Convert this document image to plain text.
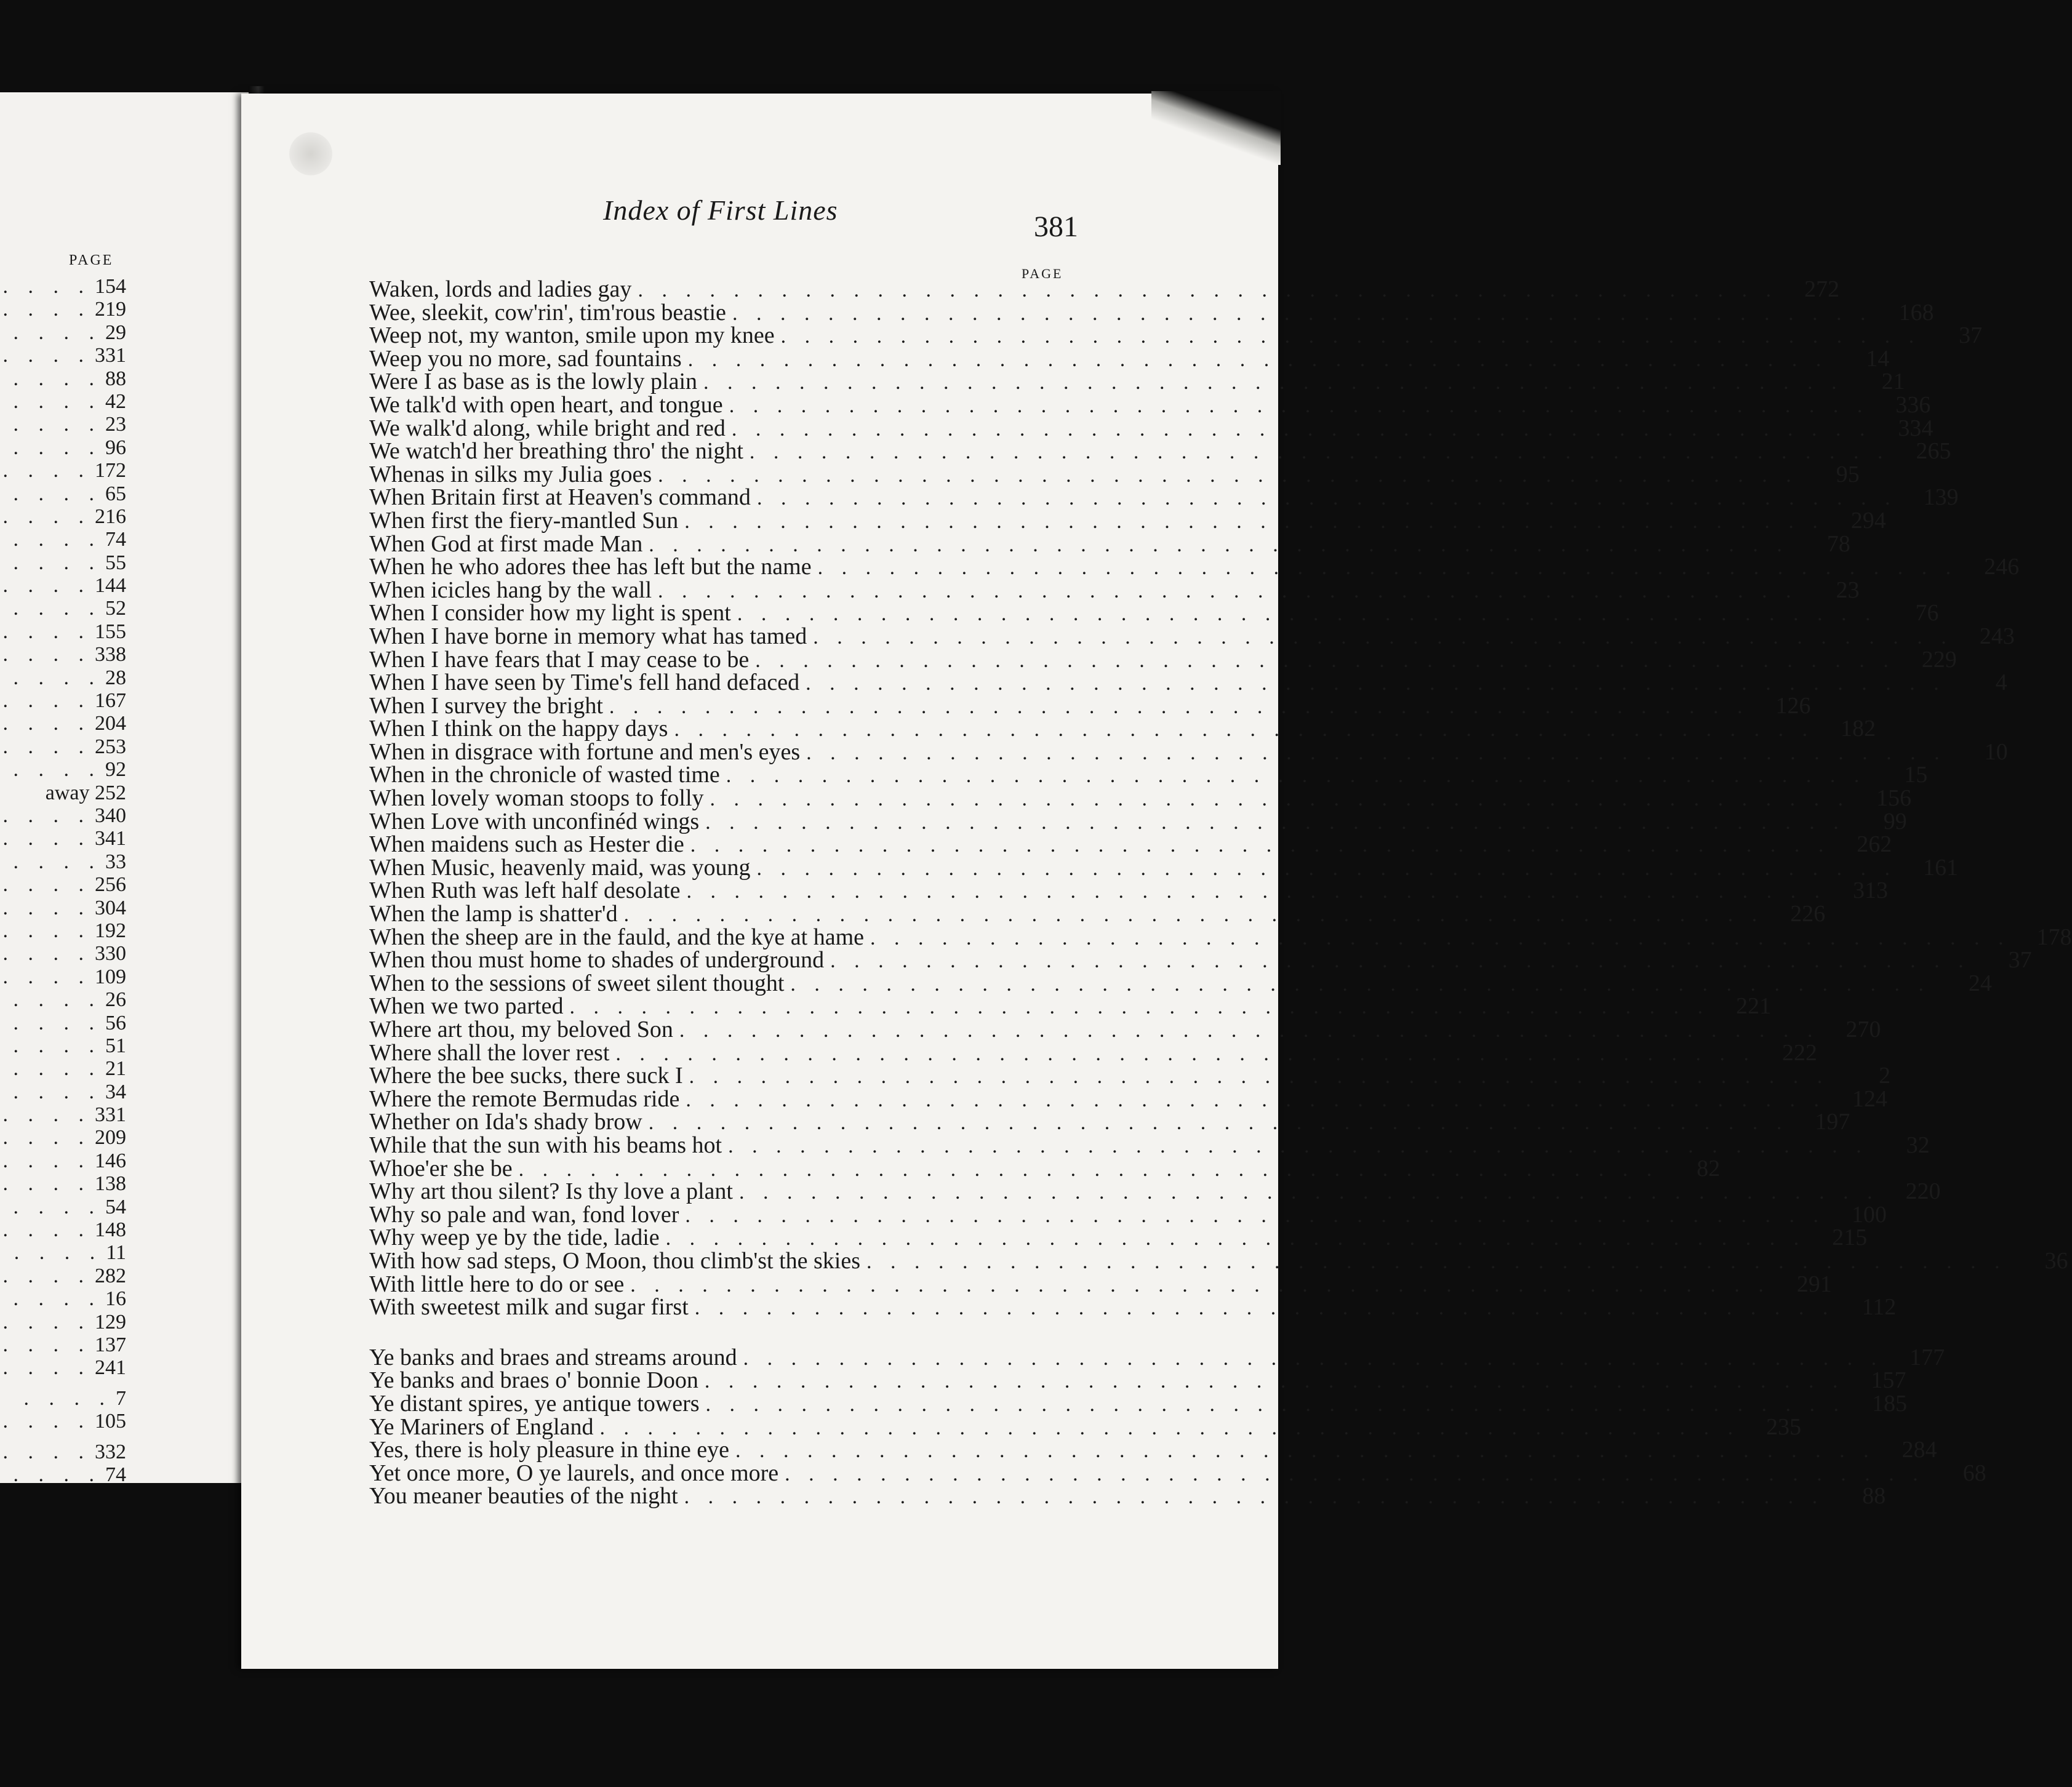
PAGE
. . . . 154
. . . . 219
. . . . 29
. . . . 331
. . . . 88
. . . . 42
. . . . 23
. . . . 96
. . . . 172
. . . . 65
. . . . 216
. . . . 74
. . . . 55
. . . . 144
. . . . 52
. . . . 155
. . . . 338
. . . . 28
. . . . 167
. . . . 204
. . . . 253
. . . . 92
away 252
. . . . 340
. . . . 341
. . . . 33
. . . . 256
. . . . 304
. . . . 192
. . . . 330
. . . . 109
. . . . 26
. . . . 56
. . . . 51
. . . . 21
. . . . 34
. . . . 331
. . . . 209
. . . . 146
. . . . 138
. . . . 54
. . . . 148
. . . . 11
. . . . 282
. . . . 16
. . . . 129
. . . . 137
. . . . 241
. . . . 7
. . . . 105
. . . . 332
. . . . 74
Index of First Lines
381
PAGE
Waken, lords and ladies gay . . . . . . . . . . . . . . . . . . . . . . . . . . . . . . . . . . . . . . . . . . . . . . . .	272
Wee, sleekit, cow'rin', tim'rous beastie . . . . . . . . . . . . . . . . . . . . . . . . . . . . . . . . . . . . . . . . . . . . . . . .	168
Weep not, my wanton, smile upon my knee . . . . . . . . . . . . . . . . . . . . . . . . . . . . . . . . . . . . . . . . . . . . . . . .	37
Weep you no more, sad fountains . . . . . . . . . . . . . . . . . . . . . . . . . . . . . . . . . . . . . . . . . . . . . . . .	14
Were I as base as is the lowly plain . . . . . . . . . . . . . . . . . . . . . . . . . . . . . . . . . . . . . . . . . . . . . . . .	21
We talk'd with open heart, and tongue . . . . . . . . . . . . . . . . . . . . . . . . . . . . . . . . . . . . . . . . . . . . . . . .	336
We walk'd along, while bright and red . . . . . . . . . . . . . . . . . . . . . . . . . . . . . . . . . . . . . . . . . . . . . . . .	334
We watch'd her breathing thro' the night . . . . . . . . . . . . . . . . . . . . . . . . . . . . . . . . . . . . . . . . . . . . . . . .	265
Whenas in silks my Julia goes . . . . . . . . . . . . . . . . . . . . . . . . . . . . . . . . . . . . . . . . . . . . . . . .	95
When Britain first at Heaven's command . . . . . . . . . . . . . . . . . . . . . . . . . . . . . . . . . . . . . . . . . . . . . . . .	139
When first the fiery-mantled Sun . . . . . . . . . . . . . . . . . . . . . . . . . . . . . . . . . . . . . . . . . . . . . . . .	294
When God at first made Man . . . . . . . . . . . . . . . . . . . . . . . . . . . . . . . . . . . . . . . . . . . . . . . .	78
When he who adores thee has left but the name . . . . . . . . . . . . . . . . . . . . . . . . . . . . . . . . . . . . . . . . . . . . . . . .	246
When icicles hang by the wall . . . . . . . . . . . . . . . . . . . . . . . . . . . . . . . . . . . . . . . . . . . . . . . .	23
When I consider how my light is spent . . . . . . . . . . . . . . . . . . . . . . . . . . . . . . . . . . . . . . . . . . . . . . . .	76
When I have borne in memory what has tamed . . . . . . . . . . . . . . . . . . . . . . . . . . . . . . . . . . . . . . . . . . . . . . . .	243
When I have fears that I may cease to be . . . . . . . . . . . . . . . . . . . . . . . . . . . . . . . . . . . . . . . . . . . . . . . .	229
When I have seen by Time's fell hand defaced . . . . . . . . . . . . . . . . . . . . . . . . . . . . . . . . . . . . . . . . . . . . . . . .	4
When I survey the bright . . . . . . . . . . . . . . . . . . . . . . . . . . . . . . . . . . . . . . . . . . . . . . . .	126
When I think on the happy days . . . . . . . . . . . . . . . . . . . . . . . . . . . . . . . . . . . . . . . . . . . . . . . .	182
When in disgrace with fortune and men's eyes . . . . . . . . . . . . . . . . . . . . . . . . . . . . . . . . . . . . . . . . . . . . . . . .	10
When in the chronicle of wasted time . . . . . . . . . . . . . . . . . . . . . . . . . . . . . . . . . . . . . . . . . . . . . . . .	15
When lovely woman stoops to folly . . . . . . . . . . . . . . . . . . . . . . . . . . . . . . . . . . . . . . . . . . . . . . . .	156
When Love with unconfinéd wings . . . . . . . . . . . . . . . . . . . . . . . . . . . . . . . . . . . . . . . . . . . . . . . .	99
When maidens such as Hester die . . . . . . . . . . . . . . . . . . . . . . . . . . . . . . . . . . . . . . . . . . . . . . . .	262
When Music, heavenly maid, was young . . . . . . . . . . . . . . . . . . . . . . . . . . . . . . . . . . . . . . . . . . . . . . . .	161
When Ruth was left half desolate . . . . . . . . . . . . . . . . . . . . . . . . . . . . . . . . . . . . . . . . . . . . . . . .	313
When the lamp is shatter'd . . . . . . . . . . . . . . . . . . . . . . . . . . . . . . . . . . . . . . . . . . . . . . . .	226
When the sheep are in the fauld, and the kye at hame . . . . . . . . . . . . . . . . . . . . . . . . . . . . . . . . . . . . . . . . . . . . . . . .	178
When thou must home to shades of underground . . . . . . . . . . . . . . . . . . . . . . . . . . . . . . . . . . . . . . . . . . . . . . . .	37
When to the sessions of sweet silent thought . . . . . . . . . . . . . . . . . . . . . . . . . . . . . . . . . . . . . . . . . . . . . . . .	24
When we two parted . . . . . . . . . . . . . . . . . . . . . . . . . . . . . . . . . . . . . . . . . . . . . . . .	221
Where art thou, my beloved Son . . . . . . . . . . . . . . . . . . . . . . . . . . . . . . . . . . . . . . . . . . . . . . . .	270
Where shall the lover rest . . . . . . . . . . . . . . . . . . . . . . . . . . . . . . . . . . . . . . . . . . . . . . . .	222
Where the bee sucks, there suck I . . . . . . . . . . . . . . . . . . . . . . . . . . . . . . . . . . . . . . . . . . . . . . . .	2
Where the remote Bermudas ride . . . . . . . . . . . . . . . . . . . . . . . . . . . . . . . . . . . . . . . . . . . . . . . .	124
Whether on Ida's shady brow . . . . . . . . . . . . . . . . . . . . . . . . . . . . . . . . . . . . . . . . . . . . . . . .	197
While that the sun with his beams hot . . . . . . . . . . . . . . . . . . . . . . . . . . . . . . . . . . . . . . . . . . . . . . . .	32
Whoe'er she be . . . . . . . . . . . . . . . . . . . . . . . . . . . . . . . . . . . . . . . . . . . . . . . .	82
Why art thou silent? Is thy love a plant . . . . . . . . . . . . . . . . . . . . . . . . . . . . . . . . . . . . . . . . . . . . . . . .	220
Why so pale and wan, fond lover . . . . . . . . . . . . . . . . . . . . . . . . . . . . . . . . . . . . . . . . . . . . . . . .	100
Why weep ye by the tide, ladie . . . . . . . . . . . . . . . . . . . . . . . . . . . . . . . . . . . . . . . . . . . . . . . .	215
With how sad steps, O Moon, thou climb'st the skies . . . . . . . . . . . . . . . . . . . . . . . . . . . . . . . . . . . . . . . . . . . . . . . .	36
With little here to do or see . . . . . . . . . . . . . . . . . . . . . . . . . . . . . . . . . . . . . . . . . . . . . . . .	291
With sweetest milk and sugar first . . . . . . . . . . . . . . . . . . . . . . . . . . . . . . . . . . . . . . . . . . . . . . . .	112
Ye banks and braes and streams around . . . . . . . . . . . . . . . . . . . . . . . . . . . . . . . . . . . . . . . . . . . . . . . .	177
Ye banks and braes o' bonnie Doon . . . . . . . . . . . . . . . . . . . . . . . . . . . . . . . . . . . . . . . . . . . . . . . .	157
Ye distant spires, ye antique towers . . . . . . . . . . . . . . . . . . . . . . . . . . . . . . . . . . . . . . . . . . . . . . . .	185
Ye Mariners of England . . . . . . . . . . . . . . . . . . . . . . . . . . . . . . . . . . . . . . . . . . . . . . . .	235
Yes, there is holy pleasure in thine eye . . . . . . . . . . . . . . . . . . . . . . . . . . . . . . . . . . . . . . . . . . . . . . . .	284
Yet once more, O ye laurels, and once more . . . . . . . . . . . . . . . . . . . . . . . . . . . . . . . . . . . . . . . . . . . . . . . .	68
You meaner beauties of the night . . . . . . . . . . . . . . . . . . . . . . . . . . . . . . . . . . . . . . . . . . . . . . . .	88
